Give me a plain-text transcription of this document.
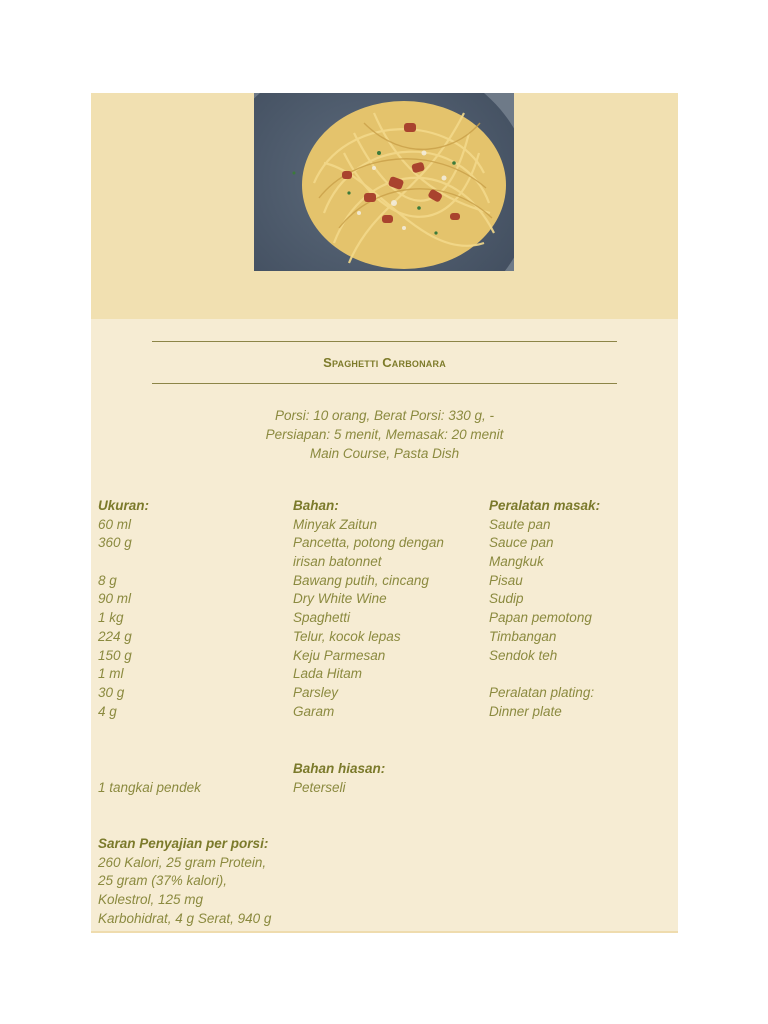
Spaghetti Carbonara
Porsi: 10 orang, Berat Porsi: 330 g, -
Persiapan: 5 menit, Memasak: 20 menit
Main Course, Pasta Dish
Ukuran:
60 ml
360 g
8 g
90 ml
1 kg
224 g
150 g
1 ml
30 g
4 g
Bahan:
Minyak Zaitun
Pancetta, potong dengan
irisan batonnet
Bawang putih, cincang
Dry White Wine
Spaghetti
Telur, kocok lepas
Keju Parmesan
Lada Hitam
Parsley
Garam
Peralatan masak:
Saute pan
Sauce pan
Mangkuk
Pisau
Sudip
Papan pemotong
Timbangan
Sendok teh
Peralatan plating:
Dinner plate
Bahan hiasan:
Peterseli
1 tangkai pendek
Saran Penyajian per porsi:
260 Kalori, 25 gram Protein,
25 gram (37% kalori),
Kolestrol, 125 mg
Karbohidrat, 4 g Serat, 940 g
